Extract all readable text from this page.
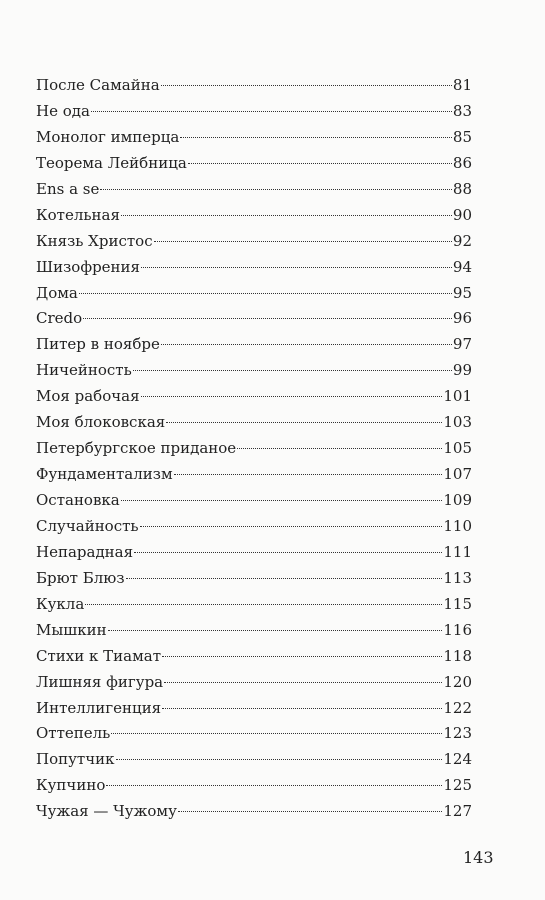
После Самайна	81
Не ода	83
Монолог имперца	85
Теорема Лейбница	86
Ens a se	88
Котельная	90
Князь Христос	92
Шизофрения	94
Дома	95
Credo	96
Питер в ноябре	97
Ничейность	99
Моя рабочая	101
Моя блоковская	103
Петербургское приданое	105
Фундаментализм	107
Остановка	109
Случайность	110
Непарадная	111
Брют Блюз	113
Кукла	115
Мышкин	116
Стихи к Тиамат	118
Лишняя фигура	120
Интеллигенция	122
Оттепель	123
Попутчик	124
Купчино	125
Чужая — Чужому	127
143
